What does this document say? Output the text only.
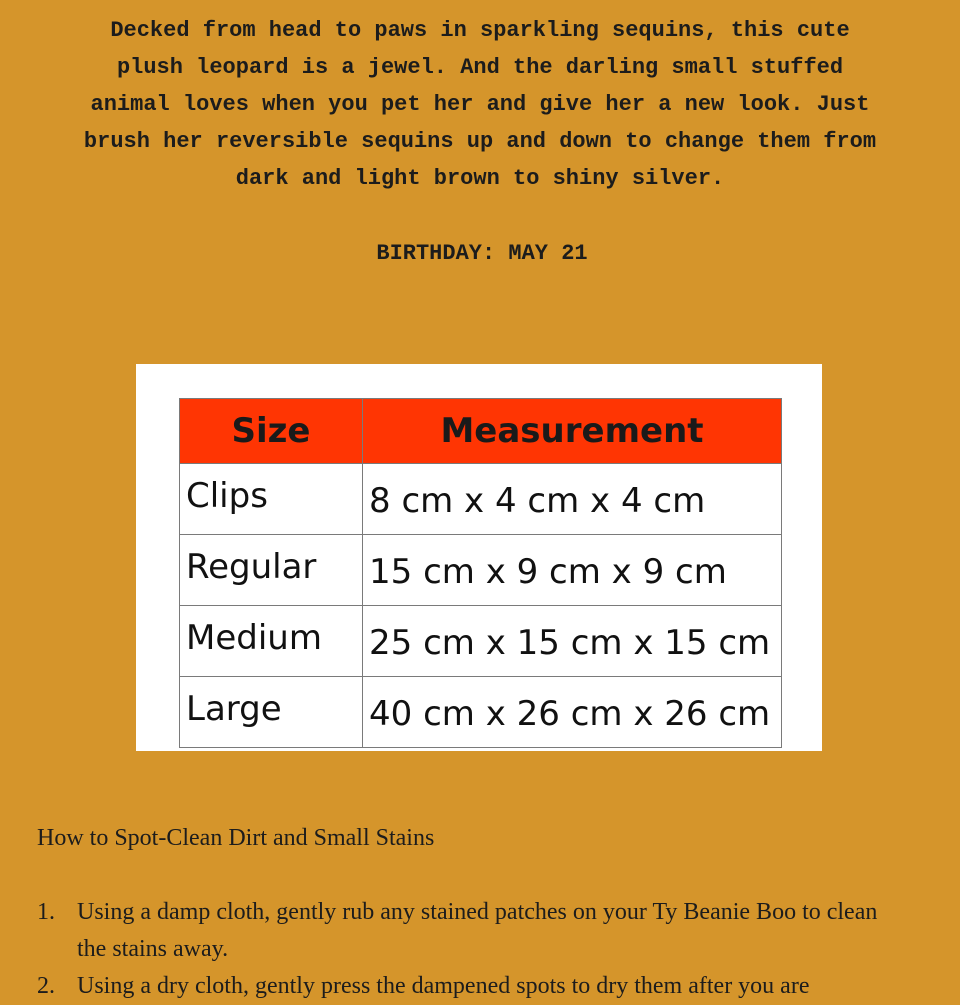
Decked from head to paws in sparkling sequins, this cute
plush leopard is a jewel. And the darling small stuffed
animal loves when you pet her and give her a new look. Just
brush her reversible sequins up and down to change them from
dark and light brown to shiny silver.
BIRTHDAY: MAY 21
Size	Measurement
Clips	8 cm x 4 cm x 4 cm
Regular	15 cm x 9 cm x 9 cm
Medium	25 cm x 15 cm x 15 cm
Large	40 cm x 26 cm x 26 cm
How to Spot-Clean Dirt and Small Stains
1. Using a damp cloth, gently rub any stained patches on your Ty Beanie Boo to clean the stains away.
2. Using a dry cloth, gently press the dampened spots to dry them after you are
